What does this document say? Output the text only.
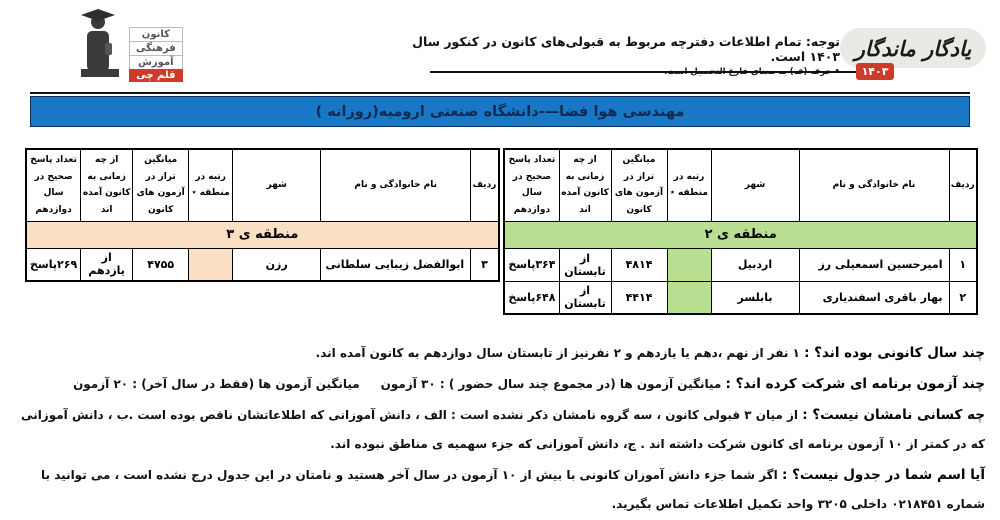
کانون
فرهنگی
آموزش
قلم چی
توجه: تمام اطلاعات دفترچه مربوط به قبولی‌های کانون در کنکور سال ۱۴۰۳ است. یادگار ماندگار
۱۴۰۳
مهندسی هوا فضا—-دانشگاه صنعتی ارومیه(روزانه )
ردیف	نام خانوادگی و نام	شهر	رتبه در منطقه ٭	میانگین تراز در آزمون های کانون	از چه زمانی به کانون آمده اند	تعداد پاسخ صحیح در سال دوازدهم
منطقه ی ۲						
۱	امیرحسین اسمعیلی رز	اردبیل		۴۸۱۴	از تابستان	۳۶۴پاسخ
۲	بهار باقری اسفندیاری	بابلسر		۴۴۱۴	از تابستان	۶۴۸پاسخ
ردیف	نام خانوادگی و نام	شهر	رتبه در منطقه ٭	میانگین تراز در آزمون های کانون	از چه زمانی به کانون آمده اند	تعداد پاسخ صحیح در سال دوازدهم
منطقه ی ۳						
۳	ابوالفضل زیبایی سلطانی	رزن		۴۷۵۵	از یازدهم	۲۶۹پاسخ

چند سال کانونی بوده اند؟ : ۱ نفر از نهم ،دهم یا یازدهم و ۲ نفرنیز از تابستان سال دوازدهم به کانون آمده اند.

چند آزمون برنامه ای شرکت کرده اند؟ : میانگین آزمون ها (در مجموع چند سال حضور ) : ۳۰ آزمون     میانگین آزمون ها (فقط در سال آخر) : ۲۰ آزمون

چه کسانی نامشان نیست؟ : از میان ۳ قبولی کانون ، سه گروه نامشان ذکر نشده است : الف ، دانش آموزانی که اطلاعاتشان ناقص بوده است .ب ، دانش آموزانی که در کمتر از ۱۰ آزمون برنامه ای کانون شرکت داشته اند . ج، دانش آموزانی که جزء سهمیه ی مناطق نبوده اند.

آیا اسم شما در جدول نیست؟ : اگر شما جزء دانش آموزان کانونی با بیش از ۱۰ آزمون در سال آخر هستید و نامتان در این جدول درج نشده است ، می توانید با شماره ۰۲۱۸۴۵۱ داخلی ۳۲۰۵ واحد تکمیل اطلاعات تماس بگیرید.
